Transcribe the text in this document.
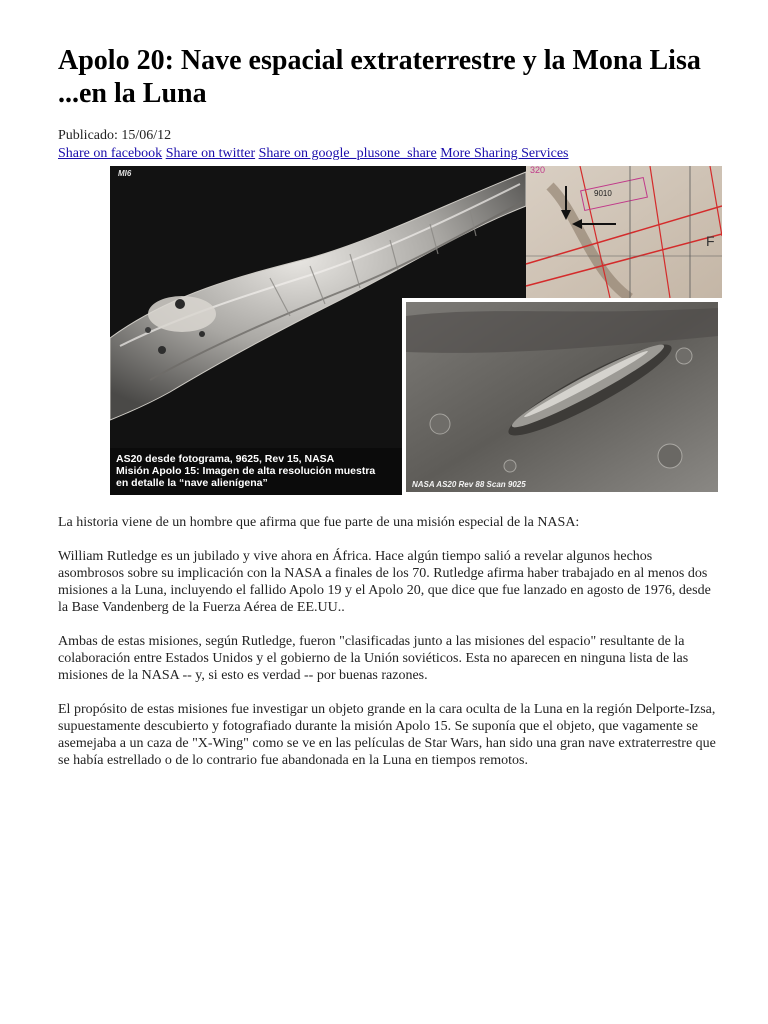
Apolo 20: Nave espacial extraterrestre y la Mona Lisa ...en la Luna
Publicado: 15/06/12
Share on facebook Share on twitter Share on google_plusone_share More Sharing Services
MI6
AS20 desde fotograma, 9625, Rev 15, NASA
Misión Apolo 15: Imagen de alta resolución muestra
en detalle la “nave alienígena”
320
9010
F
NASA AS20 Rev 88 Scan 9025

La historia viene de un hombre que afirma que fue parte de una misión especial de la NASA:

William Rutledge es un jubilado y vive ahora en África. Hace algún tiempo salió a revelar algunos hechos asombrosos sobre su implicación con la NASA a finales de los 70. Rutledge afirma haber trabajado en al menos dos misiones a la Luna, incluyendo el fallido Apolo 19 y el Apolo 20, que dice que fue lanzado en agosto de 1976, desde la Base Vandenberg de la Fuerza Aérea de EE.UU..

Ambas de estas misiones, según Rutledge, fueron "clasificadas junto a las misiones del espacio" resultante de la colaboración entre Estados Unidos y el gobierno de la Unión soviéticos. Esta no aparecen en ninguna lista de las misiones de la NASA -- y, si esto es verdad -- por buenas razones.

El propósito de estas misiones fue investigar un objeto grande en la cara oculta de la Luna en la región Delporte-Izsa, supuestamente descubierto y fotografiado durante la misión Apolo 15. Se suponía que el objeto, que vagamente se asemejaba a un caza de "X-Wing" como se ve en las películas de Star Wars, han sido una gran nave extraterrestre que se había estrellado o de lo contrario fue abandonada en la Luna en tiempos remotos.
